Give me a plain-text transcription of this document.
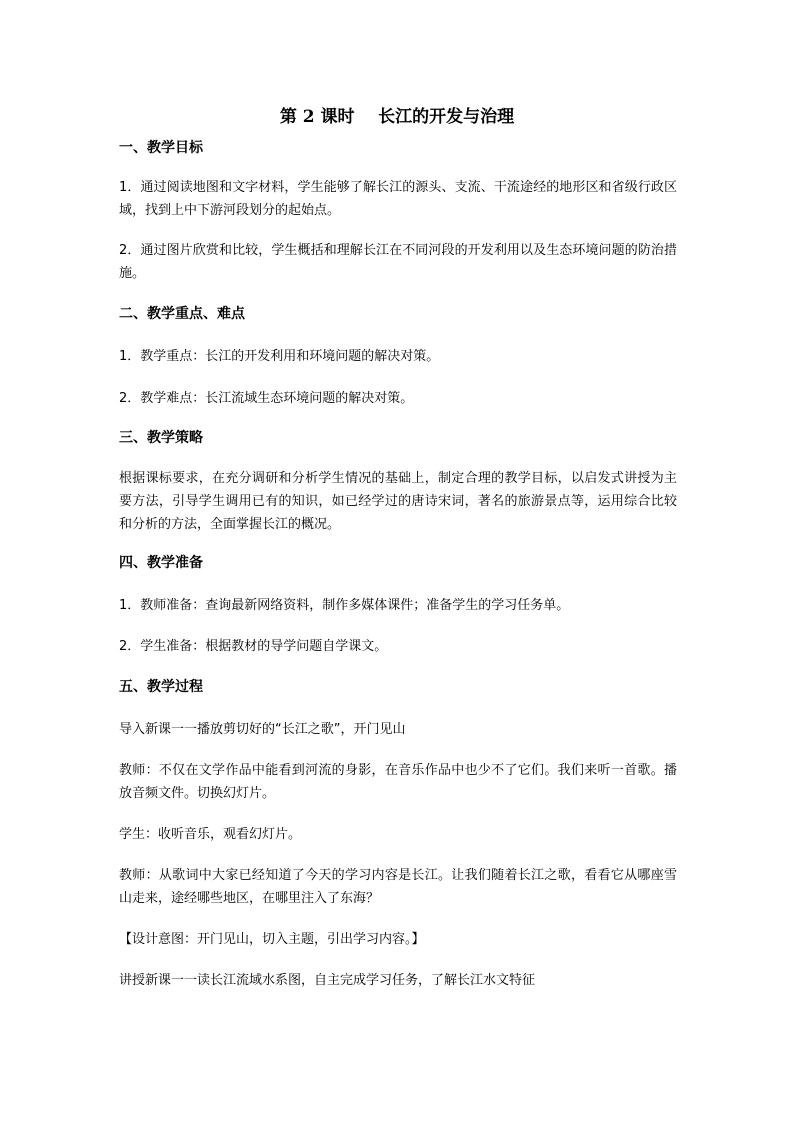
第 2 课时    长江的开发与治理
一、教学目标
1．通过阅读地图和文字材料，学生能够了解长江的源头、支流、干流途经的地形区和省级行政区域，找到上中下游河段划分的起始点。
2．通过图片欣赏和比较，学生概括和理解长江在不同河段的开发利用以及生态环境问题的防治措施。
二、教学重点、难点
1．教学重点：长江的开发利用和环境问题的解决对策。
2．教学难点：长江流域生态环境问题的解决对策。
三、教学策略
根据课标要求，在充分调研和分析学生情况的基础上，制定合理的教学目标，以启发式讲授为主要方法，引导学生调用已有的知识，如已经学过的唐诗宋词，著名的旅游景点等，运用综合比较和分析的方法，全面掌握长江的概况。
四、教学准备
1．教师准备：查询最新网络资料，制作多媒体课件；准备学生的学习任务单。
2．学生准备：根据教材的导学问题自学课文。
五、教学过程
导入新课一一播放剪切好的“长江之歌”，开门见山
教师：不仅在文学作品中能看到河流的身影，在音乐作品中也少不了它们。我们来听一首歌。播放音频文件。切换幻灯片。
学生：收听音乐，观看幻灯片。
教师：从歌词中大家已经知道了今天的学习内容是长江。让我们随着长江之歌，看看它从哪座雪山走来，途经哪些地区，在哪里注入了东海？
【设计意图：开门见山，切入主题，引出学习内容。】
讲授新课一一读长江流域水系图，自主完成学习任务，了解长江水文特征
